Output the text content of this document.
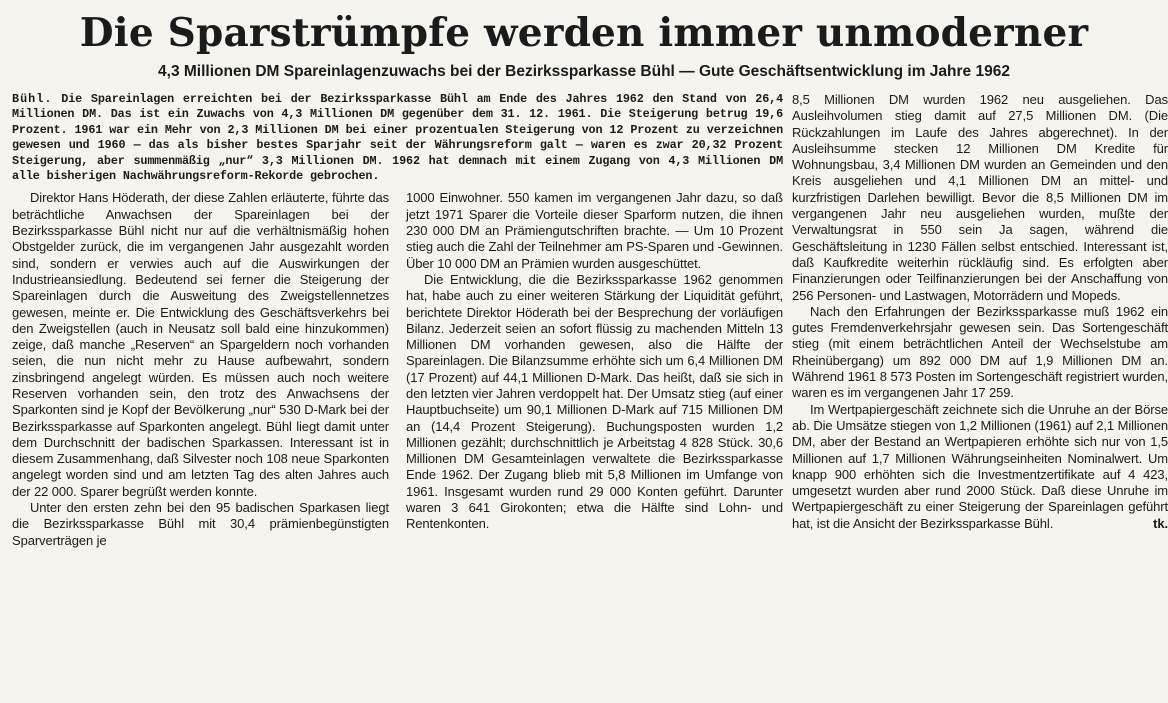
Die Sparstrümpfe werden immer unmoderner
4,3 Millionen DM Spareinlagenzuwachs bei der Bezirkssparkasse Bühl — Gute Geschäftsentwicklung im Jahre 1962

Bühl. Die Spareinlagen erreichten bei der Bezirkssparkasse Bühl am Ende des Jahres 1962 den Stand von 26,4 Millionen DM. Das ist ein Zuwachs von 4,3 Millionen DM gegenüber dem 31. 12. 1961. Die Steigerung betrug 19,6 Prozent. 1961 war ein Mehr von 2,3 Millionen DM bei einer prozentualen Steigerung von 12 Prozent zu verzeichnen gewesen und 1960 — das als bisher bestes Sparjahr seit der Währungsreform galt — waren es zwar 20,32 Prozent Steigerung, aber summenmäßig „nur“ 3,3 Millionen DM. 1962 hat demnach mit einem Zugang von 4,3 Millionen DM alle bisherigen Nachwährungsreform-Rekorde gebrochen.

Direktor Hans Höderath, der diese Zahlen erläuterte, führte das beträchtliche Anwachsen der Spareinlagen bei der Bezirkssparkasse Bühl nicht nur auf die verhältnismäßig hohen Obstgelder zurück, die im vergangenen Jahr ausgezahlt worden sind, sondern er verwies auch auf die Auswirkungen der Industrieansiedlung. Bedeutend sei ferner die Steigerung der Spareinlagen durch die Ausweitung des Zweigstellennetzes gewesen, meinte er. Die Entwicklung des Geschäftsverkehrs bei den Zweigstellen (auch in Neusatz soll bald eine hinzukommen) zeige, daß manche „Reserven“ an Spargeldern noch vorhanden seien, die nun nicht mehr zu Hause aufbewahrt, sondern zinsbringend angelegt würden. Es müssen auch noch weitere Reserven vorhanden sein, den trotz des Anwachsens der Sparkonten sind je Kopf der Bevölkerung „nur“ 530 D-Mark bei der Bezirkssparkasse auf Sparkonten angelegt. Bühl liegt damit unter dem Durchschnitt der badischen Sparkassen. Interessant ist in diesem Zusammenhang, daß Silvester noch 108 neue Sparkonten angelegt worden sind und am letzten Tag des alten Jahres auch der 22 000. Sparer begrüßt werden konnte.

Unter den ersten zehn bei den 95 badischen Sparkasen liegt die Bezirkssparkasse Bühl mit 30,4 prämienbegünstigten Sparverträgen je

1000 Einwohner. 550 kamen im vergangenen Jahr dazu, so daß jetzt 1971 Sparer die Vorteile dieser Sparform nutzen, die ihnen 230 000 DM an Prämiengutschriften brachte. — Um 10 Prozent stieg auch die Zahl der Teilnehmer am PS-Sparen und -Gewinnen. Über 10 000 DM an Prämien wurden ausgeschüttet.

Die Entwicklung, die die Bezirkssparkasse 1962 genommen hat, habe auch zu einer weiteren Stärkung der Liquidität geführt, berichtete Direktor Höderath bei der Besprechung der vorläufigen Bilanz. Jederzeit seien an sofort flüssig zu machenden Mitteln 13 Millionen DM vorhanden gewesen, also die Hälfte der Spareinlagen. Die Bilanzsumme erhöhte sich um 6,4 Millionen DM (17 Prozent) auf 44,1 Millionen D-Mark. Das heißt, daß sie sich in den letzten vier Jahren verdoppelt hat. Der Umsatz stieg (auf einer Hauptbuchseite) um 90,1 Millionen D-Mark auf 715 Millionen DM an (14,4 Prozent Steigerung). Buchungsposten wurden 1,2 Millionen gezählt; durchschnittlich je Arbeitstag 4 828 Stück. 30,6 Millionen DM Gesamteinlagen verwaltete die Bezirkssparkasse Ende 1962. Der Zugang blieb mit 5,8 Millionen im Umfange von 1961. Insgesamt wurden rund 29 000 Konten geführt. Darunter waren 3 641 Girokonten; etwa die Hälfte sind Lohn- und Rentenkonten.

8,5 Millionen DM wurden 1962 neu ausgeliehen. Das Ausleihvolumen stieg damit auf 27,5 Millionen DM. (Die Rückzahlungen im Laufe des Jahres abgerechnet). In der Ausleihsumme stecken 12 Millionen DM Kredite für Wohnungsbau, 3,4 Millionen DM wurden an Gemeinden und den Kreis ausgeliehen und 4,1 Millionen DM an mittel- und kurzfristigen Darlehen bewilligt. Bevor die 8,5 Millionen DM im vergangenen Jahr neu ausgeliehen wurden, mußte der Verwaltungsrat in 550 sein Ja sagen, während die Geschäftsleitung in 1230 Fällen selbst entschied. Interessant ist, daß Kaufkredite weiterhin rückläufig sind. Es erfolgten aber Finanzierungen oder Teilfinanzierungen bei der Anschaffung von 256 Personen- und Lastwagen, Motorrädern und Mopeds.

Nach den Erfahrungen der Bezirkssparkasse muß 1962 ein gutes Fremdenverkehrsjahr gewesen sein. Das Sortengeschäft stieg (mit einem beträchtlichen Anteil der Wechselstube am Rheinübergang) um 892 000 DM auf 1,9 Millionen DM an. Während 1961 8 573 Posten im Sortengeschäft registriert wurden, waren es im vergangenen Jahr 17 259.

Im Wertpapiergeschäft zeichnete sich die Unruhe an der Börse ab. Die Umsätze stiegen von 1,2 Millionen (1961) auf 2,1 Millionen DM, aber der Bestand an Wertpapieren erhöhte sich nur von 1,5 Millionen auf 1,7 Millionen Währungseinheiten Nominalwert. Um knapp 900 erhöhten sich die Investmentzertifikate auf 4 423, umgesetzt wurden aber rund 2000 Stück. Daß diese Unruhe im Wertpapiergeschäft zu einer Steigerung der Spareinlagen geführt hat, ist die Ansicht der Bezirkssparkasse Bühl.	tk.
